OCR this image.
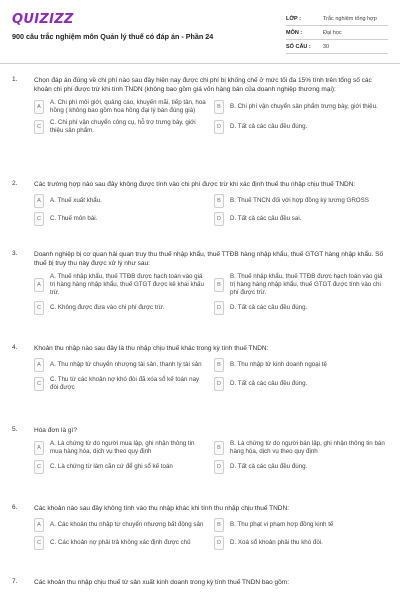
QUIZIZZ
900 câu trắc nghiệm môn Quản lý thuế có đáp án - Phần 24
LỚP :	Trắc nghiệm tổng hợp
MÔN :	Đại học
SỐ CÂU :	30
1.	Chọn đáp án đúng về chi phí nào sau đây hiện nay được chi phí bị khống chế ở mức tối đa 15% tính trên tổng số các khoản chi phí được trừ khi tính TNDN (không bao gồm giá vốn hàng bán của doanh nghiệp thương mại):
A
A. Chi phí môi giới, quảng cáo, khuyến mãi, tiếp tân, hoa hồng ( không bao gồm hoa hồng đại lý bán đúng giá)	B	B. Chi phí vận chuyển sản phẩm trưng bày, giới thiệu.
C
C. Chi phí vận chuyển công cụ, hỗ trợ trưng bày, giới thiệu sản phẩm.	D	D. Tất cả các câu đều đúng.
2.	Các trường hợp nào sau đây không được tính vào chi phí được trừ khi xác định thuế thu nhập chịu thuế TNDN:
A	A. Thuế xuất khẩu.	B	B. Thuế TNCN đối với hợp đồng ký lương GROSS
C	C. Thuế môn bài.	D	D. Tất cả các câu đều sai.
3.	Doanh nghiệp bị cơ quan hải quan truy thu thuế nhập khẩu, thuế TTĐB hàng nhập khẩu, thuế GTGT hàng nhập khẩu. Số thuế bị truy thu này được xử lý như sau:
A
A. Thuế nhập khẩu, thuế TTĐB được hạch toán vào giá trị hàng hàng nhập khẩu, thuế GTGT được kê khai khấu trừ.
B
B. Thuế nhập khẩu, thuế TTĐB được hạch toán vào giá trị hàng hàng nhập khẩu, thuế GTGT được tính vào chi phí được trừ.
C	C. Không được đưa vào chi phí được trừ.	D	D. Tất cả các câu đều đúng.
4.	Khoản thu nhập nào sau đây là thu nhập chịu thuế khác trong kỳ tính thuế TNDN:
A	A. Thu nhập từ chuyển nhượng tài sản, thanh lý tài sản	B	B. Thu nhập từ kinh doanh ngoại tệ
C
C. Thu từ các khoản nợ khó đòi đã xóa sổ kế toán nay đòi được	D	D. Tất cả các câu đều đúng.
5.	Hóa đơn là gì?
A
A. Là chứng từ do người mua lập, ghi nhận thông tin mua hàng hóa, dịch vụ theo quy định	B
B. Là chứng từ do người bán lập, ghi nhận thông tin bán hàng hóa, dịch vụ theo quy định
C	C. Là chứng từ làm căn cứ để ghi sổ kế toán	D	D. Tất cả các câu đều đúng.
6.	Các khoản nào sau đây không tính vào thu nhập khác khi tính thu nhập chịu thuế TNDN:
A	A. Các khoản thu nhập từ chuyển nhượng bất động sản	B	B. Thu phạt vi phạm hợp đồng kinh tế
C	C. Các khoản nợ phải trả không xác định được chủ	D	D. Xoá sổ khoản phải thu khó đòi.
7.	Các khoản thu nhập chịu thuế từ sản xuất kinh doanh trong kỳ tính thuế TNDN bao gồm:
